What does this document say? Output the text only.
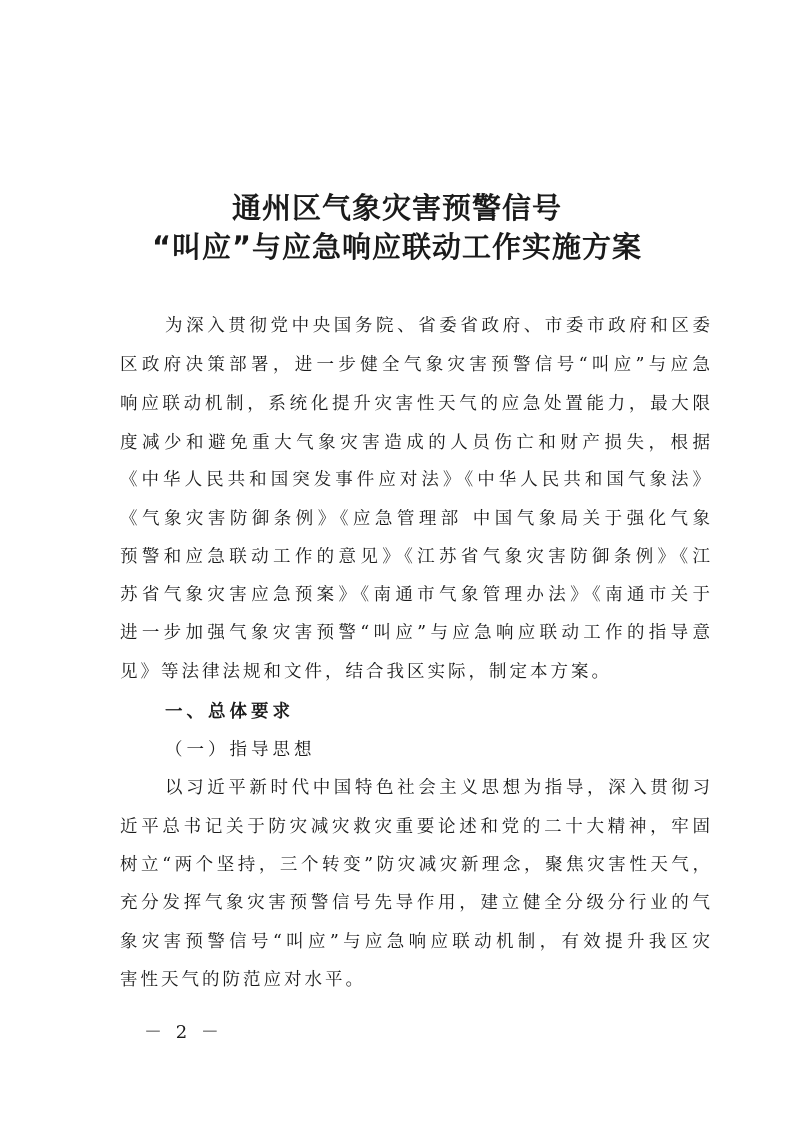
通州区气象灾害预警信号
“叫应”与应急响应联动工作实施方案
为深入贯彻党中央国务院、省委省政府、市委市政府和区委
区政府决策部署，进一步健全气象灾害预警信号“叫应”与应急
响应联动机制，系统化提升灾害性天气的应急处置能力，最大限
度减少和避免重大气象灾害造成的人员伤亡和财产损失，根据
《中华人民共和国突发事件应对法》《中华人民共和国气象法》
《气象灾害防御条例》《应急管理部 中国气象局关于强化气象
预警和应急联动工作的意见》《江苏省气象灾害防御条例》《江
苏省气象灾害应急预案》《南通市气象管理办法》《南通市关于
进一步加强气象灾害预警“叫应”与应急响应联动工作的指导意
见》等法律法规和文件，结合我区实际，制定本方案。
一、总体要求
（一）指导思想
以习近平新时代中国特色社会主义思想为指导，深入贯彻习
近平总书记关于防灾减灾救灾重要论述和党的二十大精神，牢固
树立“两个坚持，三个转变”防灾减灾新理念，聚焦灾害性天气，
充分发挥气象灾害预警信号先导作用，建立健全分级分行业的气
象灾害预警信号“叫应”与应急响应联动机制，有效提升我区灾
害性天气的防范应对水平。
－ 2 －
